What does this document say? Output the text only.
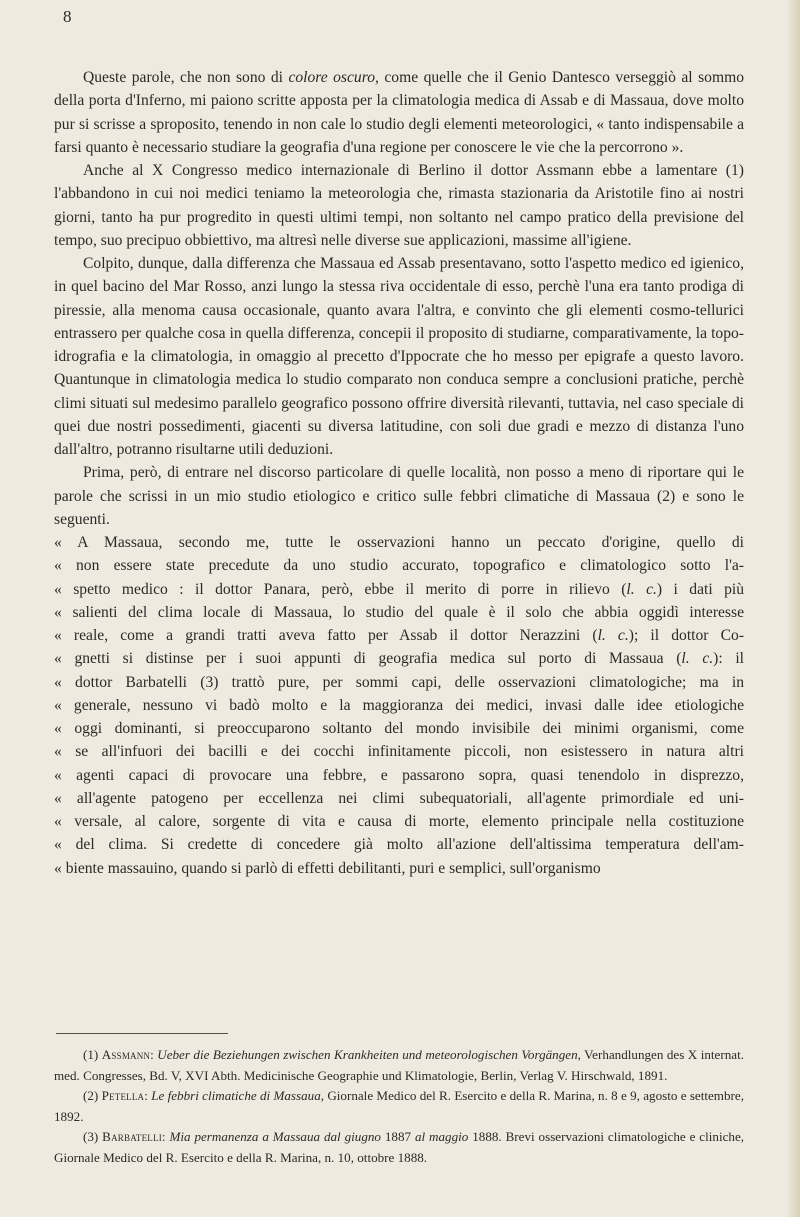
8

Queste parole, che non sono di colore oscuro, come quelle che il Genio Dantesco verseggiò al sommo della porta d'Inferno, mi paiono scritte apposta per la climatologia medica di Assab e di Massaua, dove molto pur si scrisse a sproposito, tenendo in non cale lo studio degli elementi meteorologici, « tanto indispensabile a farsi quanto è necessario studiare la geografia d'una regione per conoscere le vie che la percorrono ».

Anche al X Congresso medico internazionale di Berlino il dottor Assmann ebbe a lamentare (1) l'abbandono in cui noi medici teniamo la meteorologia che, rimasta stazionaria da Aristotile fino ai nostri giorni, tanto ha pur progredito in questi ultimi tempi, non soltanto nel campo pratico della previsione del tempo, suo precipuo obbiettivo, ma altresì nelle diverse sue applicazioni, massime all'igiene.

Colpito, dunque, dalla differenza che Massaua ed Assab presentavano, sotto l'aspetto medico ed igienico, in quel bacino del Mar Rosso, anzi lungo la stessa riva occidentale di esso, perchè l'una era tanto prodiga di piressie, alla menoma causa occasionale, quanto avara l'altra, e convinto che gli elementi cosmo-tellurici entrassero per qualche cosa in quella differenza, concepii il proposito di studiarne, comparativamente, la topo-idrografia e la climatologia, in omaggio al precetto d'Ippocrate che ho messo per epigrafe a questo lavoro. Quantunque in climatologia medica lo studio comparato non conduca sempre a conclusioni pratiche, perchè climi situati sul medesimo parallelo geografico possono offrire diversità rilevanti, tuttavia, nel caso speciale di quei due nostri possedimenti, giacenti su diversa latitudine, con soli due gradi e mezzo di distanza l'uno dall'altro, potranno risultarne utili deduzioni.

Prima, però, di entrare nel discorso particolare di quelle località, non posso a meno di riportare qui le parole che scrissi in un mio studio etiologico e critico sulle febbri climatiche di Massaua (2) e sono le seguenti.

« A Massaua, secondo me, tutte le osservazioni hanno un peccato d'origine, quello di
« non essere state precedute da uno studio accurato, topografico e climatologico sotto l'a-
« spetto medico : il dottor Panara, però, ebbe il merito di porre in rilievo (l. c.) i dati più
« salienti del clima locale di Massaua, lo studio del quale è il solo che abbia oggidì interesse
« reale, come a grandi tratti aveva fatto per Assab il dottor Nerazzini (l. c.); il dottor Co-
« gnetti si distinse per i suoi appunti di geografia medica sul porto di Massaua (l. c.): il
« dottor Barbatelli (3) trattò pure, per sommi capi, delle osservazioni climatologiche; ma in
« generale, nessuno vi badò molto e la maggioranza dei medici, invasi dalle idee etiologiche
« oggi dominanti, si preoccuparono soltanto del mondo invisibile dei minimi organismi, come
« se all'infuori dei bacilli e dei cocchi infinitamente piccoli, non esistessero in natura altri
« agenti capaci di provocare una febbre, e passarono sopra, quasi tenendolo in disprezzo,
« all'agente patogeno per eccellenza nei climi subequatoriali, all'agente primordiale ed uni-
« versale, al calore, sorgente di vita e causa di morte, elemento principale nella costituzione
« del clima. Si credette di concedere già molto all'azione dell'altissima temperatura dell'am-
« biente massauino, quando si parlò di effetti debilitanti, puri e semplici, sull'organismo

(1) Assmann: Ueber die Beziehungen zwischen Krankheiten und meteorologischen Vorgängen, Verhandlungen des X internat. med. Congresses, Bd. V, XVI Abth. Medicinische Geographie und Klimatologie, Berlin, Verlag V. Hirschwald, 1891.

(2) Petella: Le febbri climatiche di Massaua, Giornale Medico del R. Esercito e della R. Marina, n. 8 e 9, agosto e settembre, 1892.

(3) Barbatelli: Mia permanenza a Massaua dal giugno 1887 al maggio 1888. Brevi osservazioni climatologiche e cliniche, Giornale Medico del R. Esercito e della R. Marina, n. 10, ottobre 1888.
